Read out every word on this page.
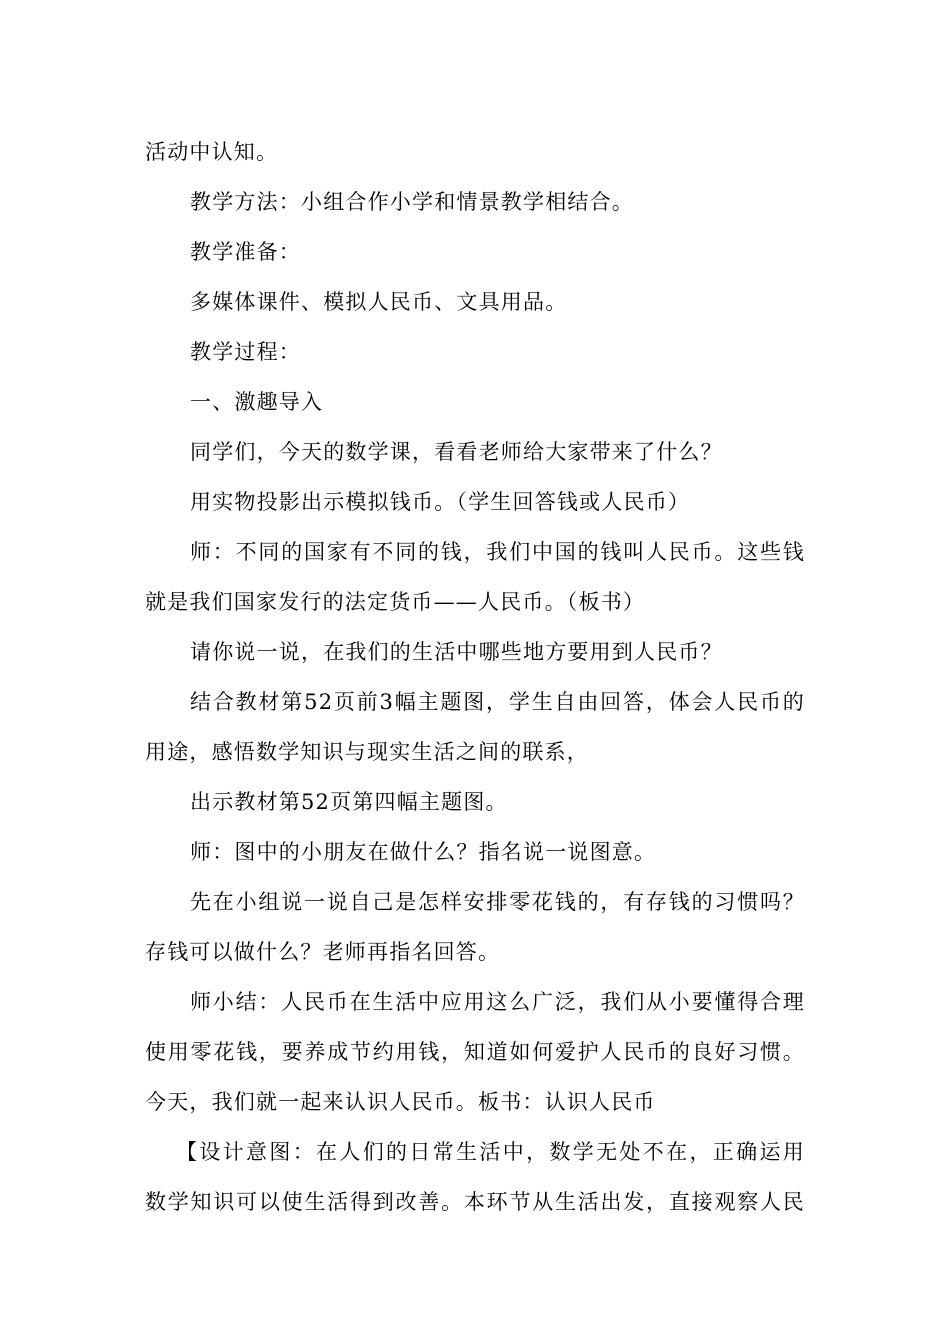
活动中认知。
教学方法：小组合作小学和情景教学相结合。
教学准备：
多媒体课件、模拟人民币、文具用品。
教学过程：
一、激趣导入
同学们，今天的数学课，看看老师给大家带来了什么？
用实物投影出示模拟钱币。（学生回答钱或人民币）
师：不同的国家有不同的钱，我们中国的钱叫人民币。这些钱
就是我们国家发行的法定货币——人民币。（板书）
请你说一说，在我们的生活中哪些地方要用到人民币？
结合教材第52页前3幅主题图，学生自由回答，体会人民币的
用途，感悟数学知识与现实生活之间的联系，
出示教材第52页第四幅主题图。
师：图中的小朋友在做什么？指名说一说图意。
先在小组说一说自己是怎样安排零花钱的，有存钱的习惯吗？
存钱可以做什么？老师再指名回答。
师小结：人民币在生活中应用这么广泛，我们从小要懂得合理
使用零花钱，要养成节约用钱，知道如何爱护人民币的良好习惯。
今天，我们就一起来认识人民币。板书：认识人民币
【设计意图：在人们的日常生活中，数学无处不在，正确运用
数学知识可以使生活得到改善。本环节从生活出发，直接观察人民
